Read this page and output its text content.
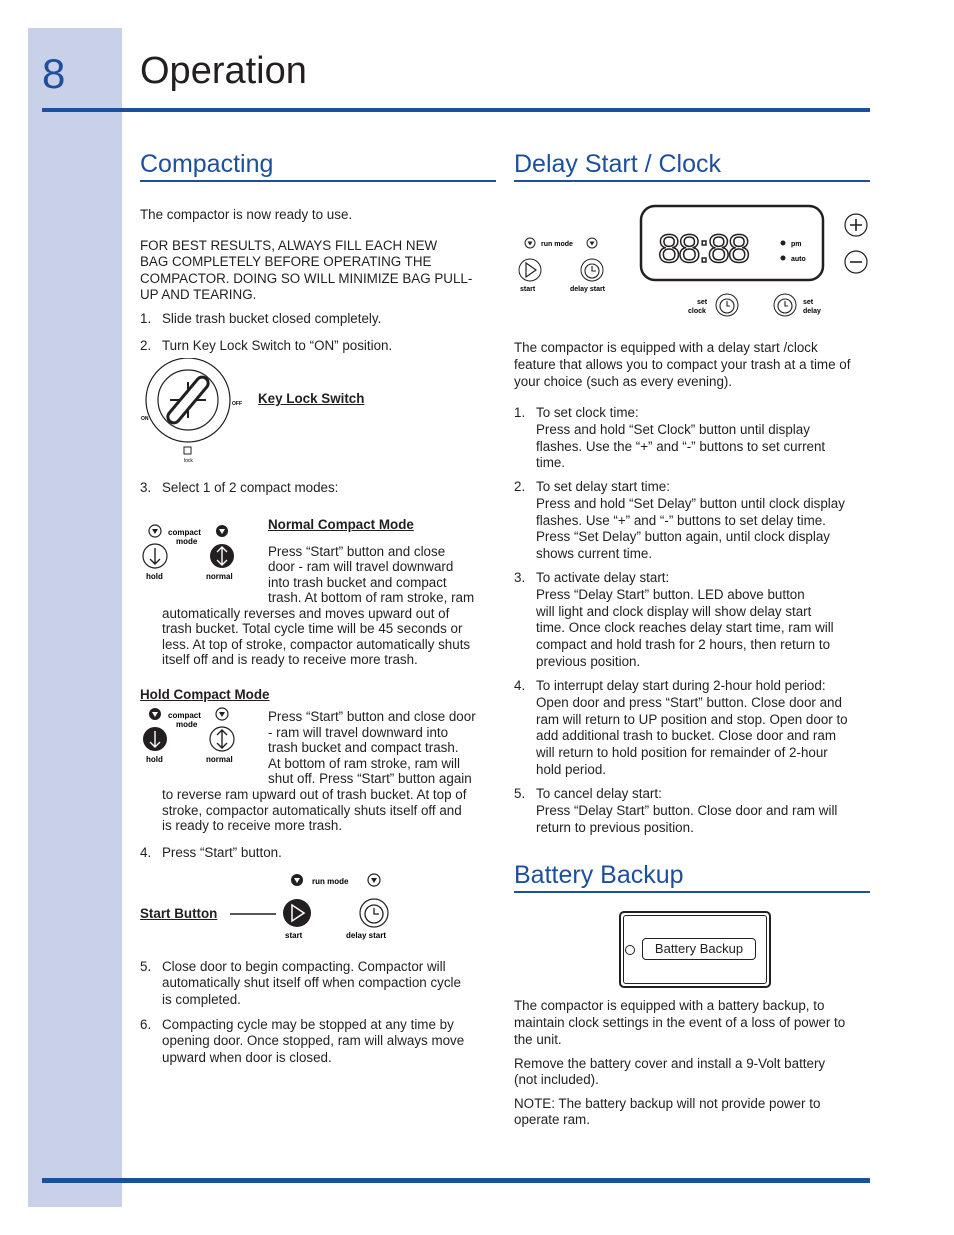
8 Operation
Compacting
The compactor is now ready to use.
FOR BEST RESULTS, ALWAYS FILL EACH NEW
BAG COMPLETELY BEFORE OPERATING THE
COMPACTOR. DOING SO WILL MINIMIZE BAG PULL-
UP AND TEARING.
1. Slide trash bucket closed completely.
2. Turn Key Lock Switch to “ON” position.
ON
OFF
lock
Key Lock Switch
3. Select 1 of 2 compact modes:
compact
mode
hold	normal
Normal Compact Mode
Press “Start” button and close
door - ram will travel downward
into trash bucket and compact
trash. At bottom of ram stroke, ram
automatically reverses and moves upward out of
trash bucket. Total cycle time will be 45 seconds or
less. At top of stroke, compactor automatically shuts
itself off and is ready to receive more trash.
Hold Compact Mode
compact
mode
hold	normal
Press “Start” button and close door
- ram will travel downward into
trash bucket and compact trash.
At bottom of ram stroke, ram will
shut off. Press “Start” button again
to reverse ram upward out of trash bucket. At top of
stroke, compactor automatically shuts itself off and
is ready to receive more trash.
4. Press “Start” button.
Start Button
run mode
start	delay start
5. Close door to begin compacting. Compactor will
automatically shut itself off when compaction cycle
is completed.
6. Compacting cycle may be stopped at any time by
opening door. Once stopped, ram will always move
upward when door is closed.
Delay Start / Clock
run mode
start	delay start
88:88	pm
auto
set
clock
set
delay
The compactor is equipped with a delay start /clock
feature that allows you to compact your trash at a time of
your choice (such as every evening).
1. To set clock time:
Press and hold “Set Clock” button until display
flashes. Use the “+” and “-” buttons to set current
time.
2. To set delay start time:
Press and hold “Set Delay” button until clock display
flashes. Use “+” and “-” buttons to set delay time.
Press “Set Delay” button again, until clock display
shows current time.
3. To activate delay start:
Press “Delay Start” button. LED above button
will light and clock display will show delay start
time. Once clock reaches delay start time, ram will
compact and hold trash for 2 hours, then return to
previous position.
4. To interrupt delay start during 2-hour hold period:
Open door and press “Start” button. Close door and
ram will return to UP position and stop. Open door to
add additional trash to bucket. Close door and ram
will return to hold position for remainder of 2-hour
hold period.
5. To cancel delay start:
Press “Delay Start” button. Close door and ram will
return to previous position.
Battery Backup
Battery Backup
The compactor is equipped with a battery backup, to
maintain clock settings in the event of a loss of power to
the unit.
Remove the battery cover and install a 9-Volt battery
(not included).
NOTE: The battery backup will not provide power to
operate ram.
